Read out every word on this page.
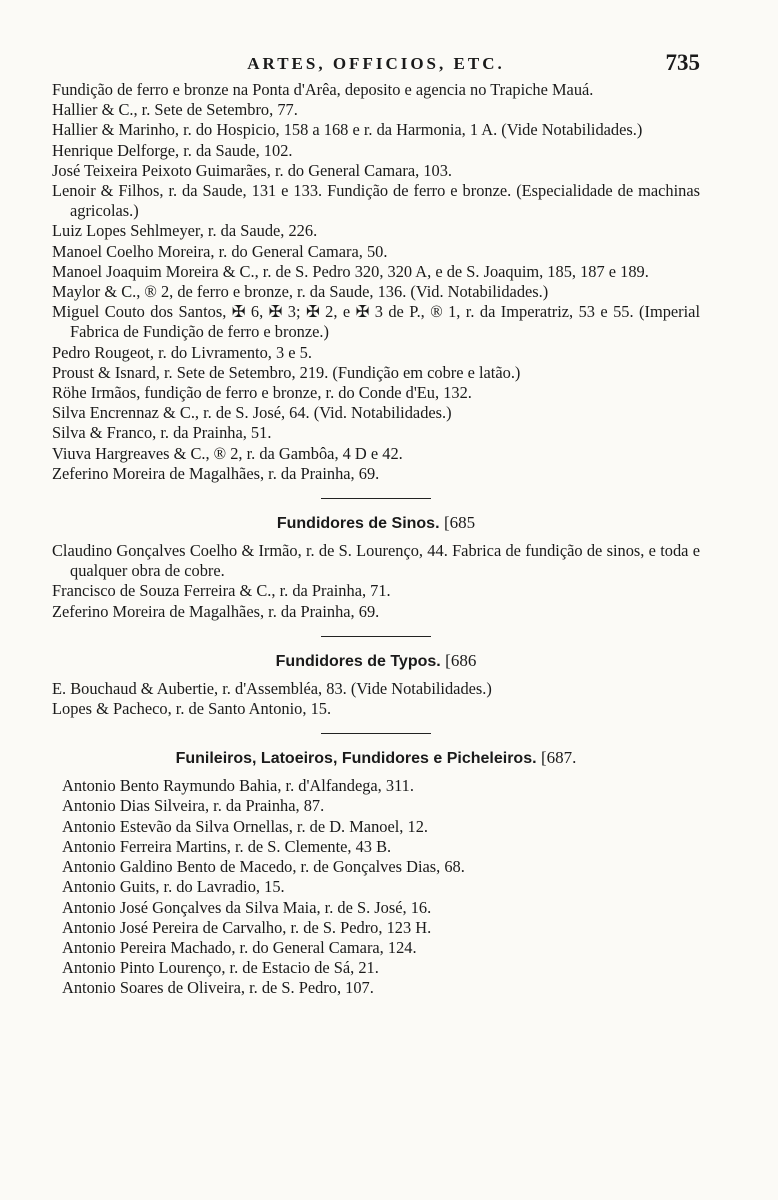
ARTES, OFFICIOS, ETC.	735

Fundição de ferro e bronze na Ponta d'Arêa, deposito e agencia no Trapiche Mauá.

Hallier & C., r. Sete de Setembro, 77.

Hallier & Marinho, r. do Hospicio, 158 a 168 e r. da Harmonia, 1 A. (Vide Notabilidades.)

Henrique Delforge, r. da Saude, 102.

José Teixeira Peixoto Guimarães, r. do General Camara, 103.

Lenoir & Filhos, r. da Saude, 131 e 133. Fundição de ferro e bronze. (Especialidade de machinas agricolas.)

Luiz Lopes Sehlmeyer, r. da Saude, 226.

Manoel Coelho Moreira, r. do General Camara, 50.

Manoel Joaquim Moreira & C., r. de S. Pedro 320, 320 A, e de S. Joaquim, 185, 187 e 189.

Maylor & C., ® 2, de ferro e bronze, r. da Saude, 136. (Vid. Notabilidades.)

Miguel Couto dos Santos, ✠ 6, ✠ 3; ✠ 2, e ✠ 3 de P., ® 1, r. da Imperatriz, 53 e 55. (Imperial Fabrica de Fundição de ferro e bronze.)

Pedro Rougeot, r. do Livramento, 3 e 5.

Proust & Isnard, r. Sete de Setembro, 219. (Fundição em cobre e latão.)

Röhe Irmãos, fundição de ferro e bronze, r. do Conde d'Eu, 132.

Silva Encrennaz & C., r. de S. José, 64. (Vid. Notabilidades.)

Silva & Franco, r. da Prainha, 51.

Viuva Hargreaves & C., ® 2, r. da Gambôa, 4 D e 42.

Zeferino Moreira de Magalhães, r. da Prainha, 69.

Fundidores de Sinos. [685

Claudino Gonçalves Coelho & Irmão, r. de S. Lourenço, 44. Fabrica de fundição de sinos, e toda e qualquer obra de cobre.

Francisco de Souza Ferreira & C., r. da Prainha, 71.

Zeferino Moreira de Magalhães, r. da Prainha, 69.

Fundidores de Typos. [686

E. Bouchaud & Aubertie, r. d'Assembléa, 83. (Vide Notabilidades.)

Lopes & Pacheco, r. de Santo Antonio, 15.

Funileiros, Latoeiros, Fundidores e Picheleiros. [687.

Antonio Bento Raymundo Bahia, r. d'Alfandega, 311.

Antonio Dias Silveira, r. da Prainha, 87.

Antonio Estevão da Silva Ornellas, r. de D. Manoel, 12.

Antonio Ferreira Martins, r. de S. Clemente, 43 B.

Antonio Galdino Bento de Macedo, r. de Gonçalves Dias, 68.

Antonio Guits, r. do Lavradio, 15.

Antonio José Gonçalves da Silva Maia, r. de S. José, 16.

Antonio José Pereira de Carvalho, r. de S. Pedro, 123 H.

Antonio Pereira Machado, r. do General Camara, 124.

Antonio Pinto Lourenço, r. de Estacio de Sá, 21.

Antonio Soares de Oliveira, r. de S. Pedro, 107.
